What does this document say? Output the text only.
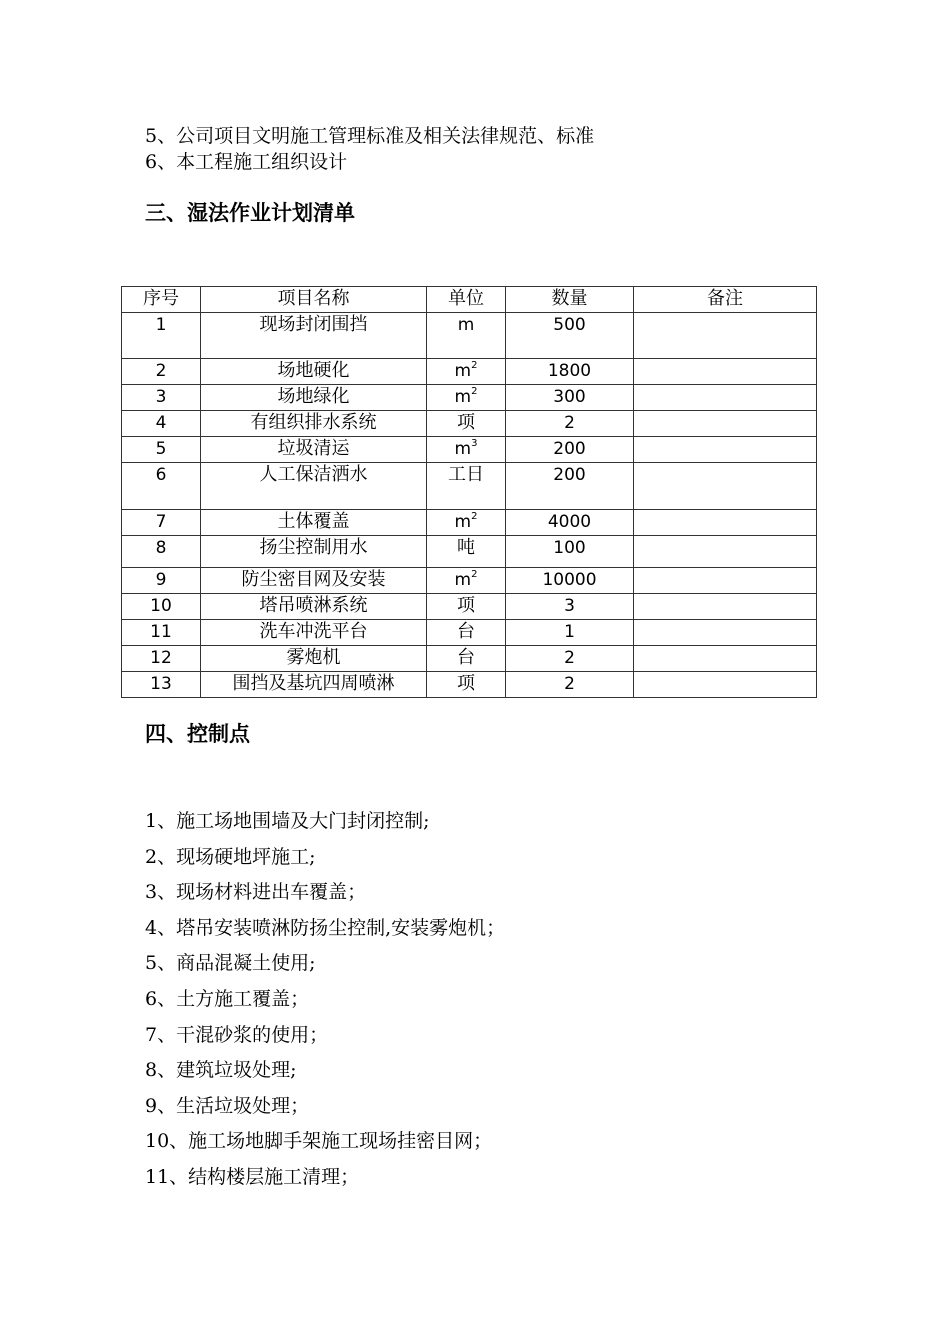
5、公司项目文明施工管理标准及相关法律规范、标准
6、本工程施工组织设计
三、湿法作业计划清单
序号	项目名称	单位	数量	备注
1	现场封闭围挡	m	500	
2	场地硬化	$m^2$	1800	
3	场地绿化	$m^2$	300	
4	有组织排水系统	项	2	
5	垃圾清运	$m^3$	200	
6	人工保洁洒水	工日	200	
7	土体覆盖	$m^2$	4000	
8	扬尘控制用水	吨	100	
9	防尘密目网及安装	$m^2$	10000	
10	塔吊喷淋系统	项	3	
11	洗车冲洗平台	台	1	
12	雾炮机	台	2	
13	围挡及基坑四周喷淋	项	2	
四、控制点
1、施工场地围墙及大门封闭控制;
2、现场硬地坪施工;
3、现场材料进出车覆盖；
4、塔吊安装喷淋防扬尘控制,安装雾炮机；
5、商品混凝土使用;
6、土方施工覆盖；
7、干混砂浆的使用；
8、建筑垃圾处理;
9、生活垃圾处理；
10、施工场地脚手架施工现场挂密目网；
11、结构楼层施工清理；
